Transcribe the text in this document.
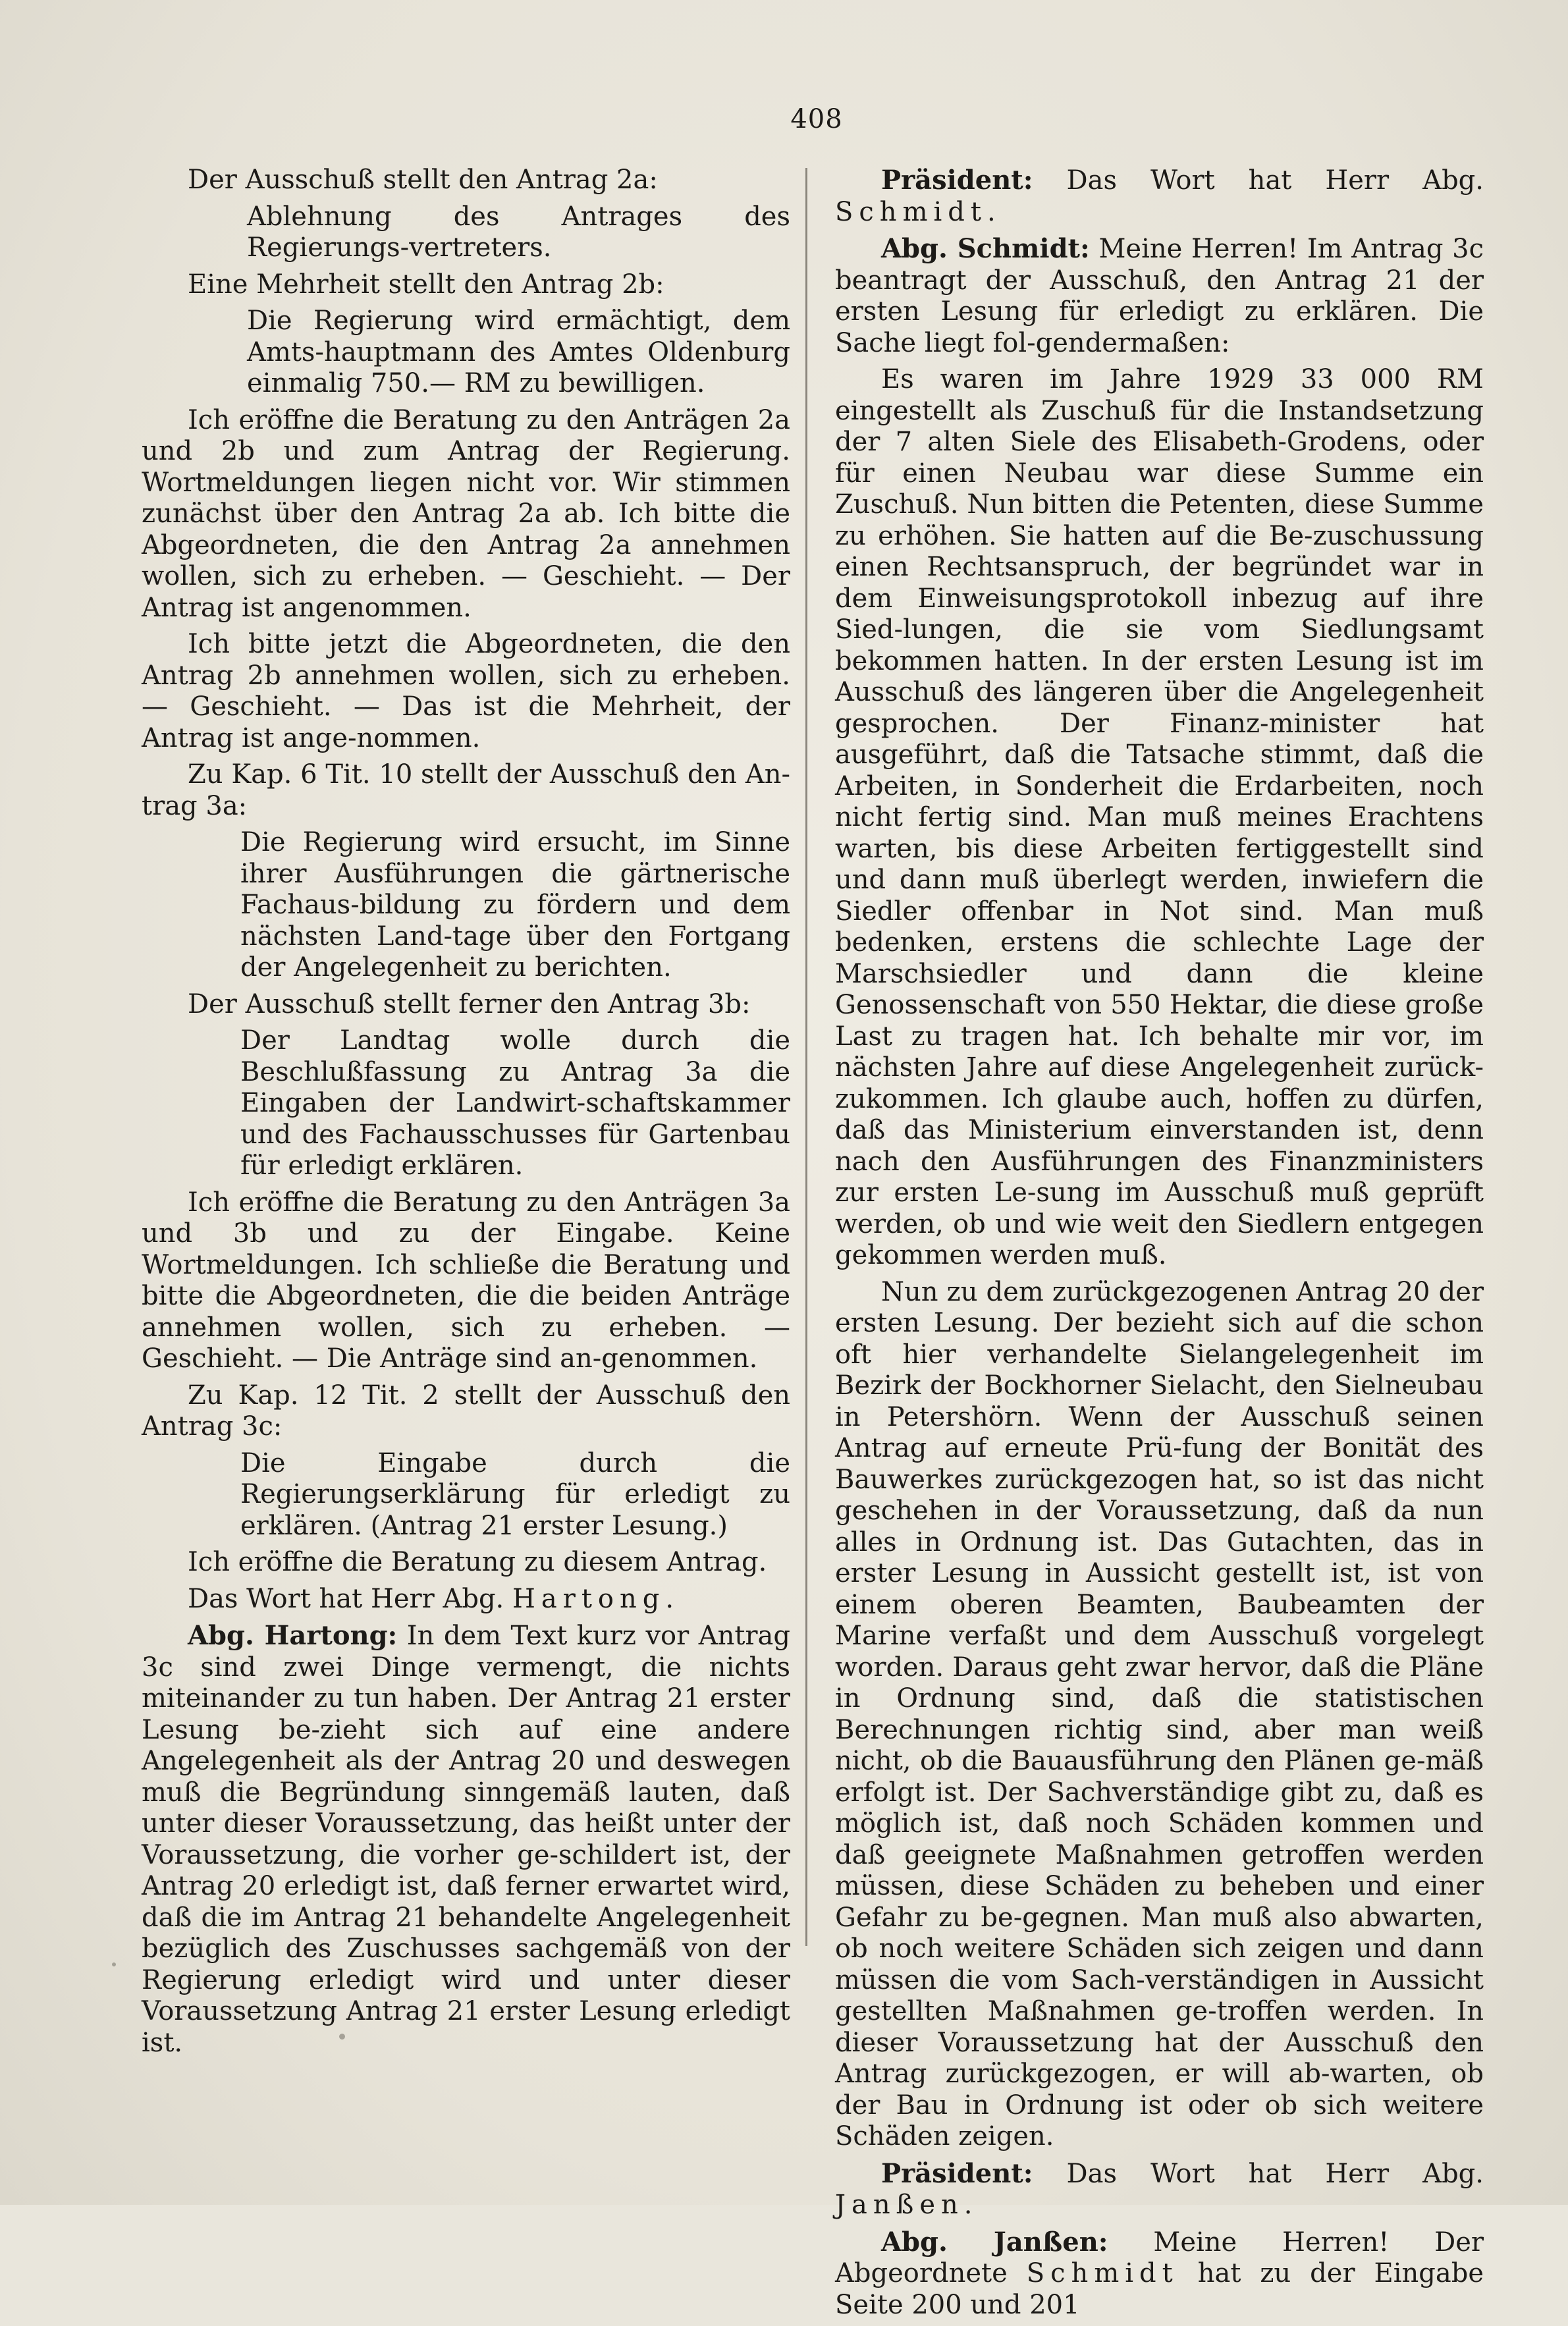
408

Der Ausschuß stellt den Antrag 2a:

Ablehnung des Antrages des Regierungs-vertreters.

Eine Mehrheit stellt den Antrag 2b:

Die Regierung wird ermächtigt, dem Amts-hauptmann des Amtes Oldenburg einmalig 750.— RM zu bewilligen.

Ich eröffne die Beratung zu den Anträgen 2a und 2b und zum Antrag der Regierung. Wortmeldungen liegen nicht vor. Wir stimmen zunächst über den Antrag 2a ab. Ich bitte die Abgeordneten, die den Antrag 2a annehmen wollen, sich zu erheben. — Geschieht. — Der Antrag ist angenommen.

Ich bitte jetzt die Abgeordneten, die den Antrag 2b annehmen wollen, sich zu erheben. — Geschieht. — Das ist die Mehrheit, der Antrag ist ange-nommen.

Zu Kap. 6 Tit. 10 stellt der Ausschuß den An-trag 3a:

Die Regierung wird ersucht, im Sinne ihrer Ausführungen die gärtnerische Fachaus-bildung zu fördern und dem nächsten Land-tage über den Fortgang der Angelegenheit zu berichten.

Der Ausschuß stellt ferner den Antrag 3b:

Der Landtag wolle durch die Beschlußfassung zu Antrag 3a die Eingaben der Landwirt-schaftskammer und des Fachausschusses für Gartenbau für erledigt erklären.

Ich eröffne die Beratung zu den Anträgen 3a und 3b und zu der Eingabe. Keine Wortmeldungen. Ich schließe die Beratung und bitte die Abgeordneten, die die beiden Anträge annehmen wollen, sich zu erheben. — Geschieht. — Die Anträge sind an-genommen.

Zu Kap. 12 Tit. 2 stellt der Ausschuß den Antrag 3c:

Die Eingabe durch die Regierungserklärung für erledigt zu erklären. (Antrag 21 erster Lesung.)

Ich eröffne die Beratung zu diesem Antrag.

Das Wort hat Herr Abg. Hartong.

Abg. Hartong: In dem Text kurz vor Antrag 3c sind zwei Dinge vermengt, die nichts miteinander zu tun haben. Der Antrag 21 erster Lesung be-zieht sich auf eine andere Angelegenheit als der Antrag 20 und deswegen muß die Begründung sinngemäß lauten, daß unter dieser Voraussetzung, das heißt unter der Voraussetzung, die vorher ge-schildert ist, der Antrag 20 erledigt ist, daß ferner erwartet wird, daß die im Antrag 21 behandelte Angelegenheit bezüglich des Zuschusses sachgemäß von der Regierung erledigt wird und unter dieser Voraussetzung Antrag 21 erster Lesung erledigt ist.

Präsident: Das Wort hat Herr Abg. Schmidt.

Abg. Schmidt: Meine Herren! Im Antrag 3c beantragt der Ausschuß, den Antrag 21 der ersten Lesung für erledigt zu erklären. Die Sache liegt fol-gendermaßen:

Es waren im Jahre 1929 33 000 RM eingestellt als Zuschuß für die Instandsetzung der 7 alten Siele des Elisabeth-Grodens, oder für einen Neubau war diese Summe ein Zuschuß. Nun bitten die Petenten, diese Summe zu erhöhen. Sie hatten auf die Be-zuschussung einen Rechtsanspruch, der begründet war in dem Einweisungsprotokoll inbezug auf ihre Sied-lungen, die sie vom Siedlungsamt bekommen hatten. In der ersten Lesung ist im Ausschuß des längeren über die Angelegenheit gesprochen. Der Finanz-minister hat ausgeführt, daß die Tatsache stimmt, daß die Arbeiten, in Sonderheit die Erdarbeiten, noch nicht fertig sind. Man muß meines Erachtens warten, bis diese Arbeiten fertiggestellt sind und dann muß überlegt werden, inwiefern die Siedler offenbar in Not sind. Man muß bedenken, erstens die schlechte Lage der Marschsiedler und dann die kleine Genossenschaft von 550 Hektar, die diese große Last zu tragen hat. Ich behalte mir vor, im nächsten Jahre auf diese Angelegenheit zurück-zukommen. Ich glaube auch, hoffen zu dürfen, daß das Ministerium einverstanden ist, denn nach den Ausführungen des Finanzministers zur ersten Le-sung im Ausschuß muß geprüft werden, ob und wie weit den Siedlern entgegen gekommen werden muß.

Nun zu dem zurückgezogenen Antrag 20 der ersten Lesung. Der bezieht sich auf die schon oft hier verhandelte Sielangelegenheit im Bezirk der Bockhorner Sielacht, den Sielneubau in Petershörn. Wenn der Ausschuß seinen Antrag auf erneute Prü-fung der Bonität des Bauwerkes zurückgezogen hat, so ist das nicht geschehen in der Voraussetzung, daß da nun alles in Ordnung ist. Das Gutachten, das in erster Lesung in Aussicht gestellt ist, ist von einem oberen Beamten, Baubeamten der Marine verfaßt und dem Ausschuß vorgelegt worden. Daraus geht zwar hervor, daß die Pläne in Ordnung sind, daß die statistischen Berechnungen richtig sind, aber man weiß nicht, ob die Bauausführung den Plänen ge-mäß erfolgt ist. Der Sachverständige gibt zu, daß es möglich ist, daß noch Schäden kommen und daß geeignete Maßnahmen getroffen werden müssen, diese Schäden zu beheben und einer Gefahr zu be-gegnen. Man muß also abwarten, ob noch weitere Schäden sich zeigen und dann müssen die vom Sach-verständigen in Aussicht gestellten Maßnahmen ge-troffen werden. In dieser Voraussetzung hat der Ausschuß den Antrag zurückgezogen, er will ab-warten, ob der Bau in Ordnung ist oder ob sich weitere Schäden zeigen.

Präsident: Das Wort hat Herr Abg. Janßen.

Abg. Janßen: Meine Herren! Der Abgeordnete Schmidt hat zu der Eingabe Seite 200 und 201
